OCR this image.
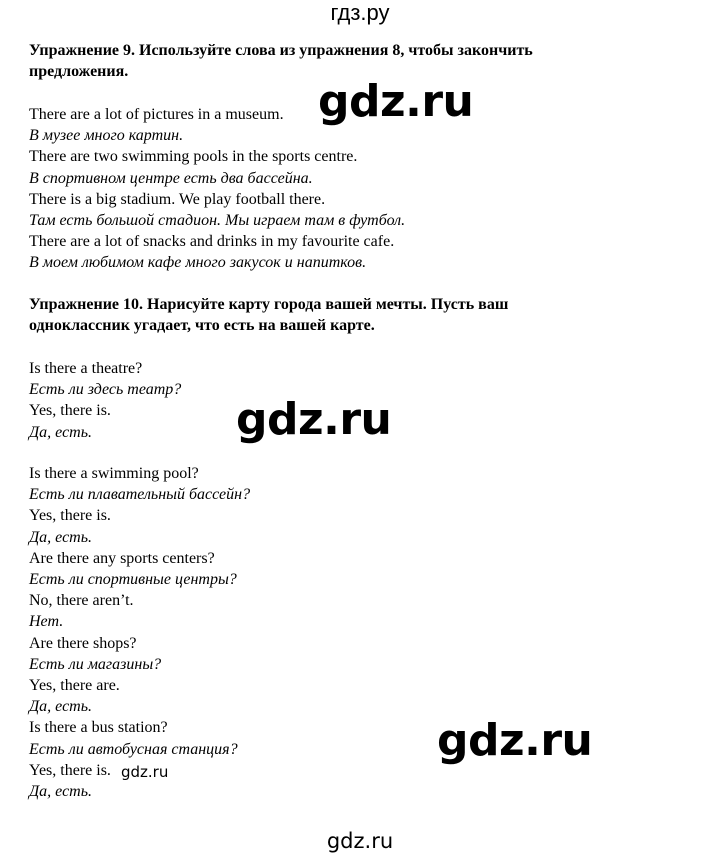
гдз.ру
Упражнение 9. Используйте слова из упражнения 8, чтобы закончить
предложения.
There are a lot of pictures in a museum.
В музее много картин.
There are two swimming pools in the sports centre.
В спортивном центре есть два бассейна.
There is a big stadium. We play football there.
Там есть большой стадион. Мы играем там в футбол.
There are a lot of snacks and drinks in my favourite cafe.
В моем любимом кафе много закусок и напитков.
Упражнение 10. Нарисуйте карту города вашей мечты. Пусть ваш
одноклассник угадает, что есть на вашей карте.
Is there a theatre?
Есть ли здесь театр?
Yes, there is.
Да, есть.
Is there a swimming pool?
Есть ли плавательный бассейн?
Yes, there is.
Да, есть.
Are there any sports centers?
Есть ли спортивные центры?
No, there aren’t.
Нет.
Are there shops?
Есть ли магазины?
Yes, there are.
Да, есть.
Is there a bus station?
Есть ли автобусная станция?
Yes, there is.
Да, есть.
gdz.ru
gdz.ru
gdz.ru
gdz.ru
gdz.ru
